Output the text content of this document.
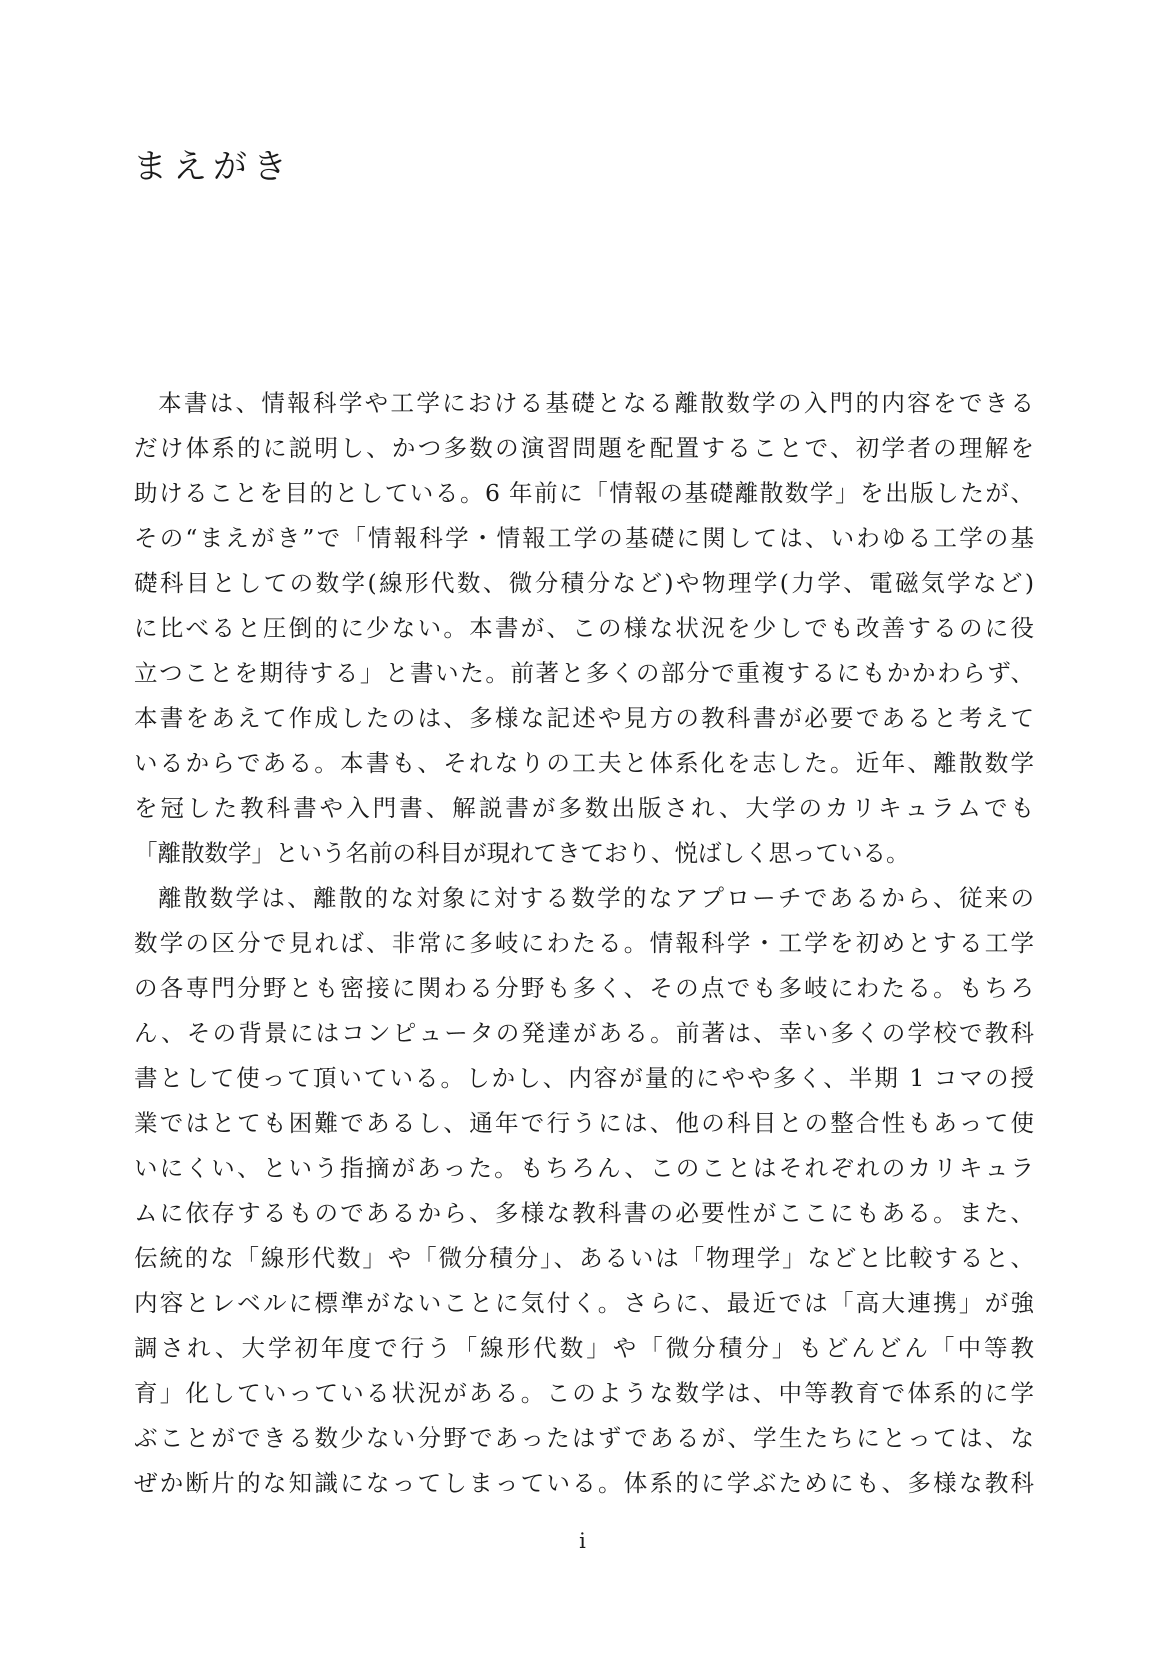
まえがき
本書は、情報科学や工学における基礎となる離散数学の入門的内容をできる
だけ体系的に説明し、かつ多数の演習問題を配置することで、初学者の理解を
助けることを目的としている。6 年前に「情報の基礎離散数学」を出版したが、
その“まえがき”で「情報科学・情報工学の基礎に関しては、いわゆる工学の基
礎科目としての数学(線形代数、微分積分など)や物理学(力学、電磁気学など)
に比べると圧倒的に少ない。本書が、この様な状況を少しでも改善するのに役
立つことを期待する」と書いた。前著と多くの部分で重複するにもかかわらず、
本書をあえて作成したのは、多様な記述や見方の教科書が必要であると考えて
いるからである。本書も、それなりの工夫と体系化を志した。近年、離散数学
を冠した教科書や入門書、解説書が多数出版され、大学のカリキュラムでも
「離散数学」という名前の科目が現れてきており、悦ばしく思っている。
離散数学は、離散的な対象に対する数学的なアプローチであるから、従来の
数学の区分で見れば、非常に多岐にわたる。情報科学・工学を初めとする工学
の各専門分野とも密接に関わる分野も多く、その点でも多岐にわたる。もちろ
ん、その背景にはコンピュータの発達がある。前著は、幸い多くの学校で教科
書として使って頂いている。しかし、内容が量的にやや多く、半期 1 コマの授
業ではとても困難であるし、通年で行うには、他の科目との整合性もあって使
いにくい、という指摘があった。もちろん、このことはそれぞれのカリキュラ
ムに依存するものであるから、多様な教科書の必要性がここにもある。また、
伝統的な「線形代数」や「微分積分」、あるいは「物理学」などと比較すると、
内容とレベルに標準がないことに気付く。さらに、最近では「高大連携」が強
調され、大学初年度で行う「線形代数」や「微分積分」もどんどん「中等教
育」化していっている状況がある。このような数学は、中等教育で体系的に学
ぶことができる数少ない分野であったはずであるが、学生たちにとっては、な
ぜか断片的な知識になってしまっている。体系的に学ぶためにも、多様な教科
i
